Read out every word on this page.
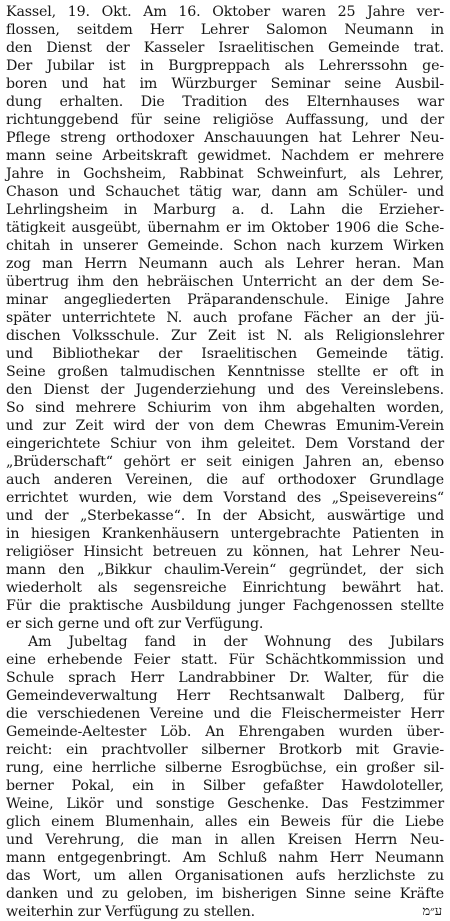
Kassel, 19. Okt. Am 16. Oktober waren 25 Jahre ver-
flossen, seitdem Herr Lehrer Salomon Neumann in
den Dienst der Kasseler Israelitischen Gemeinde trat.
Der Jubilar ist in Burgpreppach als Lehrerssohn ge-
boren und hat im Würzburger Seminar seine Ausbil-
dung erhalten. Die Tradition des Elternhauses war
richtunggebend für seine religiöse Auffassung, und der
Pflege streng orthodoxer Anschauungen hat Lehrer Neu-
mann seine Arbeitskraft gewidmet. Nachdem er mehrere
Jahre in Gochsheim, Rabbinat Schweinfurt, als Lehrer,
Chason und Schauchet tätig war, dann am Schüler- und
Lehrlingsheim in Marburg a. d. Lahn die Erzieher-
tätigkeit ausgeübt, übernahm er im Oktober 1906 die Sche-
chitah in unserer Gemeinde. Schon nach kurzem Wirken
zog man Herrn Neumann auch als Lehrer heran. Man
übertrug ihm den hebräischen Unterricht an der dem Se-
minar angegliederten Präparandenschule. Einige Jahre
später unterrichtete N. auch profane Fächer an der jü-
dischen Volksschule. Zur Zeit ist N. als Religionslehrer
und Bibliothekar der Israelitischen Gemeinde tätig.
Seine großen talmudischen Kenntnisse stellte er oft in
den Dienst der Jugenderziehung und des Vereinslebens.
So sind mehrere Schiurim von ihm abgehalten worden,
und zur Zeit wird der von dem Chewras Emunim-Verein
eingerichtete Schiur von ihm geleitet. Dem Vorstand der
„Brüderschaft“ gehört er seit einigen Jahren an, ebenso
auch anderen Vereinen, die auf orthodoxer Grundlage
errichtet wurden, wie dem Vorstand des „Speisevereins“
und der „Sterbekasse“. In der Absicht, auswärtige und
in hiesigen Krankenhäusern untergebrachte Patienten in
religiöser Hinsicht betreuen zu können, hat Lehrer Neu-
mann den „Bikkur chaulim-Verein“ gegründet, der sich
wiederholt als segensreiche Einrichtung bewährt hat.
Für die praktische Ausbildung junger Fachgenossen stellte
er sich gerne und oft zur Verfügung.
Am Jubeltag fand in der Wohnung des Jubilars
eine erhebende Feier statt. Für Schächtkommission und
Schule sprach Herr Landrabbiner Dr. Walter, für die
Gemeindeverwaltung Herr Rechtsanwalt Dalberg, für
die verschiedenen Vereine und die Fleischermeister Herr
Gemeinde-Aeltester Löb. An Ehrengaben wurden über-
reicht: ein prachtvoller silberner Brotkorb mit Gravie-
rung, eine herrliche silberne Esrogbüchse, ein großer sil-
berner Pokal, ein in Silber gefaßter Hawdoloteller,
Weine, Likör und sonstige Geschenke. Das Festzimmer
glich einem Blumenhain, alles ein Beweis für die Liebe
und Verehrung, die man in allen Kreisen Herrn Neu-
mann entgegenbringt. Am Schluß nahm Herr Neumann
das Wort, um allen Organisationen aufs herzlichste zu
danken und zu geloben, im bisherigen Sinne seine Kräfte
weiterhin zur Verfügung zu stellen.	ע״מ
